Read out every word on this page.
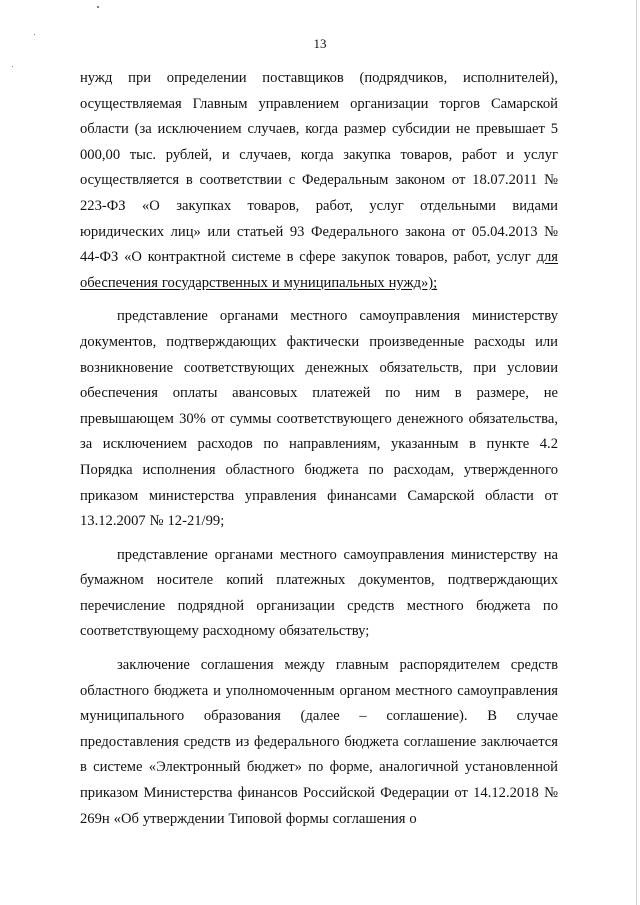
13

нужд при определении поставщиков (подрядчиков, исполнителей), осуществляемая Главным управлением организации торгов Самарской области (за исключением случаев, когда размер субсидии не превышает 5 000,00 тыс. рублей, и случаев, когда закупка товаров, работ и услуг осуществляется в соответствии с Федеральным законом от 18.07.2011 № 223-ФЗ «О закупках товаров, работ, услуг отдельными видами юридических лиц» или статьей 93 Федерального закона от 05.04.2013 № 44-ФЗ «О контрактной системе в сфере закупок товаров, работ, услуг для обеспечения государственных и муниципальных нужд»);

представление органами местного самоуправления министерству документов, подтверждающих фактически произведенные расходы или возникновение соответствующих денежных обязательств, при условии обеспечения оплаты авансовых платежей по ним в размере, не превышающем 30% от суммы соответствующего денежного обязательства, за исключением расходов по направлениям, указанным в пункте 4.2 Порядка исполнения областного бюджета по расходам, утвержденного приказом министерства управления финансами Самарской области от 13.12.2007 № 12-21/99;

представление органами местного самоуправления министерству на бумажном носителе копий платежных документов, подтверждающих перечисление подрядной организации средств местного бюджета по соответствующему расходному обязательству;

заключение соглашения между главным распорядителем средств областного бюджета и уполномоченным органом местного самоуправления муниципального образования (далее – соглашение). В случае предоставления средств из федерального бюджета соглашение заключается в системе «Электронный бюджет» по форме, аналогичной установленной приказом Министерства финансов Российской Федерации от 14.12.2018 № 269н «Об утверждении Типовой формы соглашения о
